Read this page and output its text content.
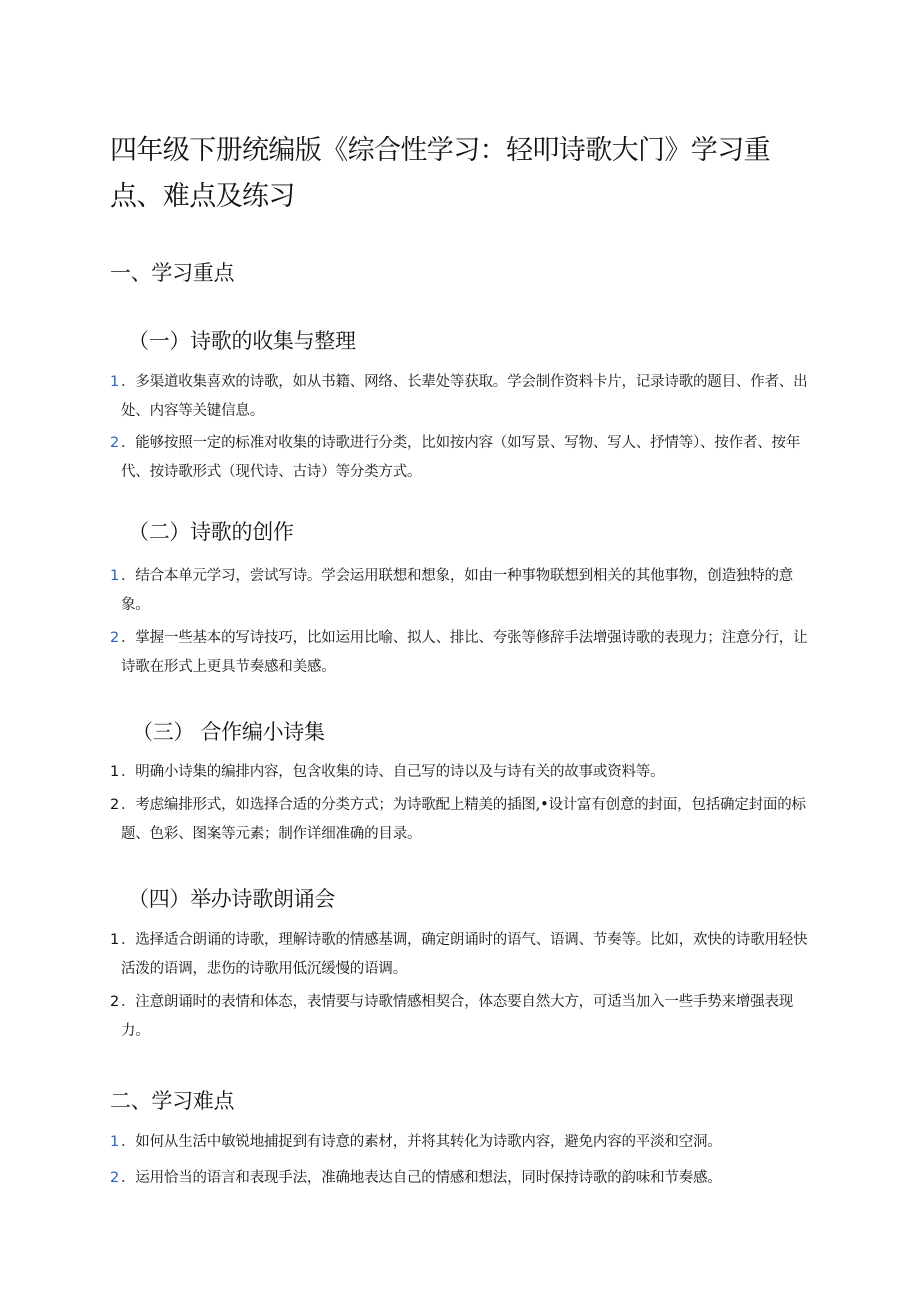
四年级下册统编版《综合性学习：轻叩诗歌大门》学习重点、难点及练习
一、学习重点
（一）诗歌的收集与整理
1 ．多渠道收集喜欢的诗歌，如从书籍、网络、长辈处等获取。学会制作资料卡片，记录诗歌的题目、作者、出处、内容等关键信息。
2 ．能够按照一定的标准对收集的诗歌进行分类，比如按内容（如写景、写物、写人、抒情等）、按作者、按年代、按诗歌形式（现代诗、古诗）等分类方式。
（二）诗歌的创作
1 ．结合本单元学习，尝试写诗。学会运用联想和想象，如由一种事物联想到相关的其他事物，创造独特的意象。
2 ．掌握一些基本的写诗技巧，比如运用比喻、拟人、排比、夸张等修辞手法增强诗歌的表现力；注意分行，让诗歌在形式上更具节奏感和美感。
（三） 合作编小诗集
1 ．明确小诗集的编排内容，包含收集的诗、自己写的诗以及与诗有关的故事或资料等。
2 ．考虑编排形式，如选择合适的分类方式；为诗歌配上精美的插图,•设计富有创意的封面，包括确定封面的标题、色彩、图案等元素；制作详细准确的目录。
（四）举办诗歌朗诵会
1 ．选择适合朗诵的诗歌，理解诗歌的情感基调，确定朗诵时的语气、语调、节奏等。比如，欢快的诗歌用轻快活泼的语调，悲伤的诗歌用低沉缓慢的语调。
2 ．注意朗诵时的表情和体态，表情要与诗歌情感相契合，体态要自然大方，可适当加入一些手势来增强表现力。
二、学习难点
1 ．如何从生活中敏锐地捕捉到有诗意的素材，并将其转化为诗歌内容，避免内容的平淡和空洞。
2 ．运用恰当的语言和表现手法，准确地表达自己的情感和想法，同时保持诗歌的韵味和节奏感。
